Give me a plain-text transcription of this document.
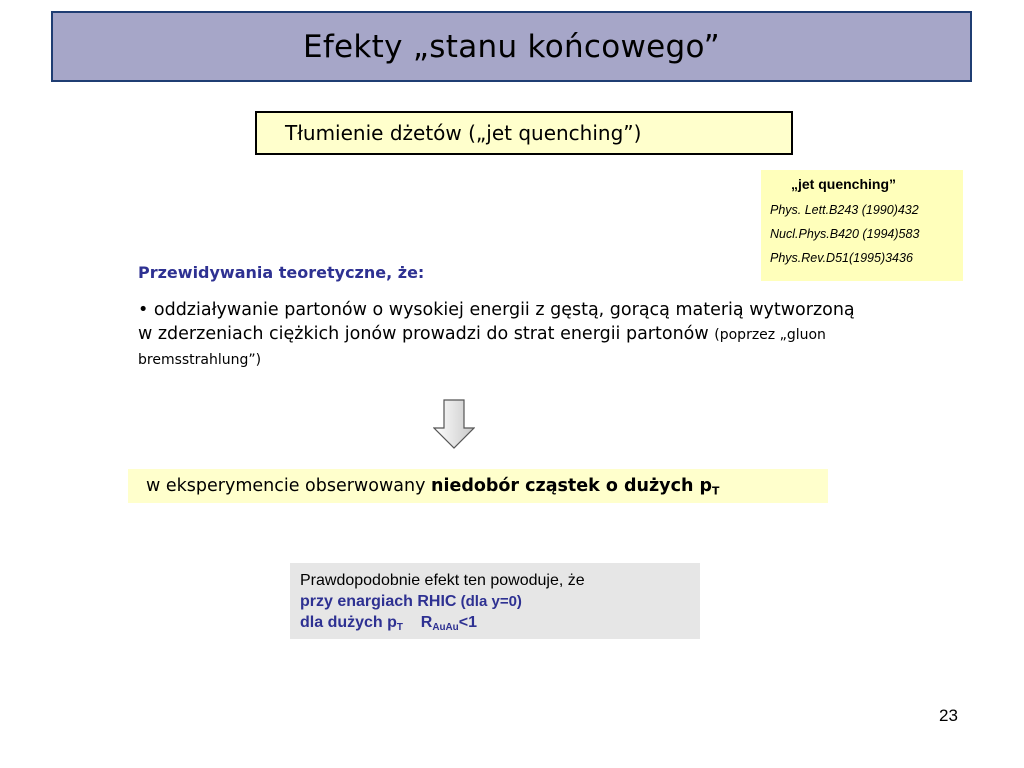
Efekty „stanu końcowego”
Tłumienie dżetów („jet quenching”)
„jet quenching”
Phys. Lett.B243 (1990)432
Nucl.Phys.B420 (1994)583
Phys.Rev.D51(1995)3436
Przewidywania teoretyczne, że:
• oddziaływanie partonów o wysokiej energii z gęstą, gorącą materią wytworzoną w zderzeniach ciężkich jonów prowadzi do strat energii partonów (poprzez „gluon bremsstrahlung”)
w eksperymencie obserwowany niedobór cząstek o dużych $p_T$
Prawdopodobnie efekt ten powoduje, że
przy enargiach RHIC (dla y=0)
dla dużych $p_T$ $R_{AuAu}<1$
23
